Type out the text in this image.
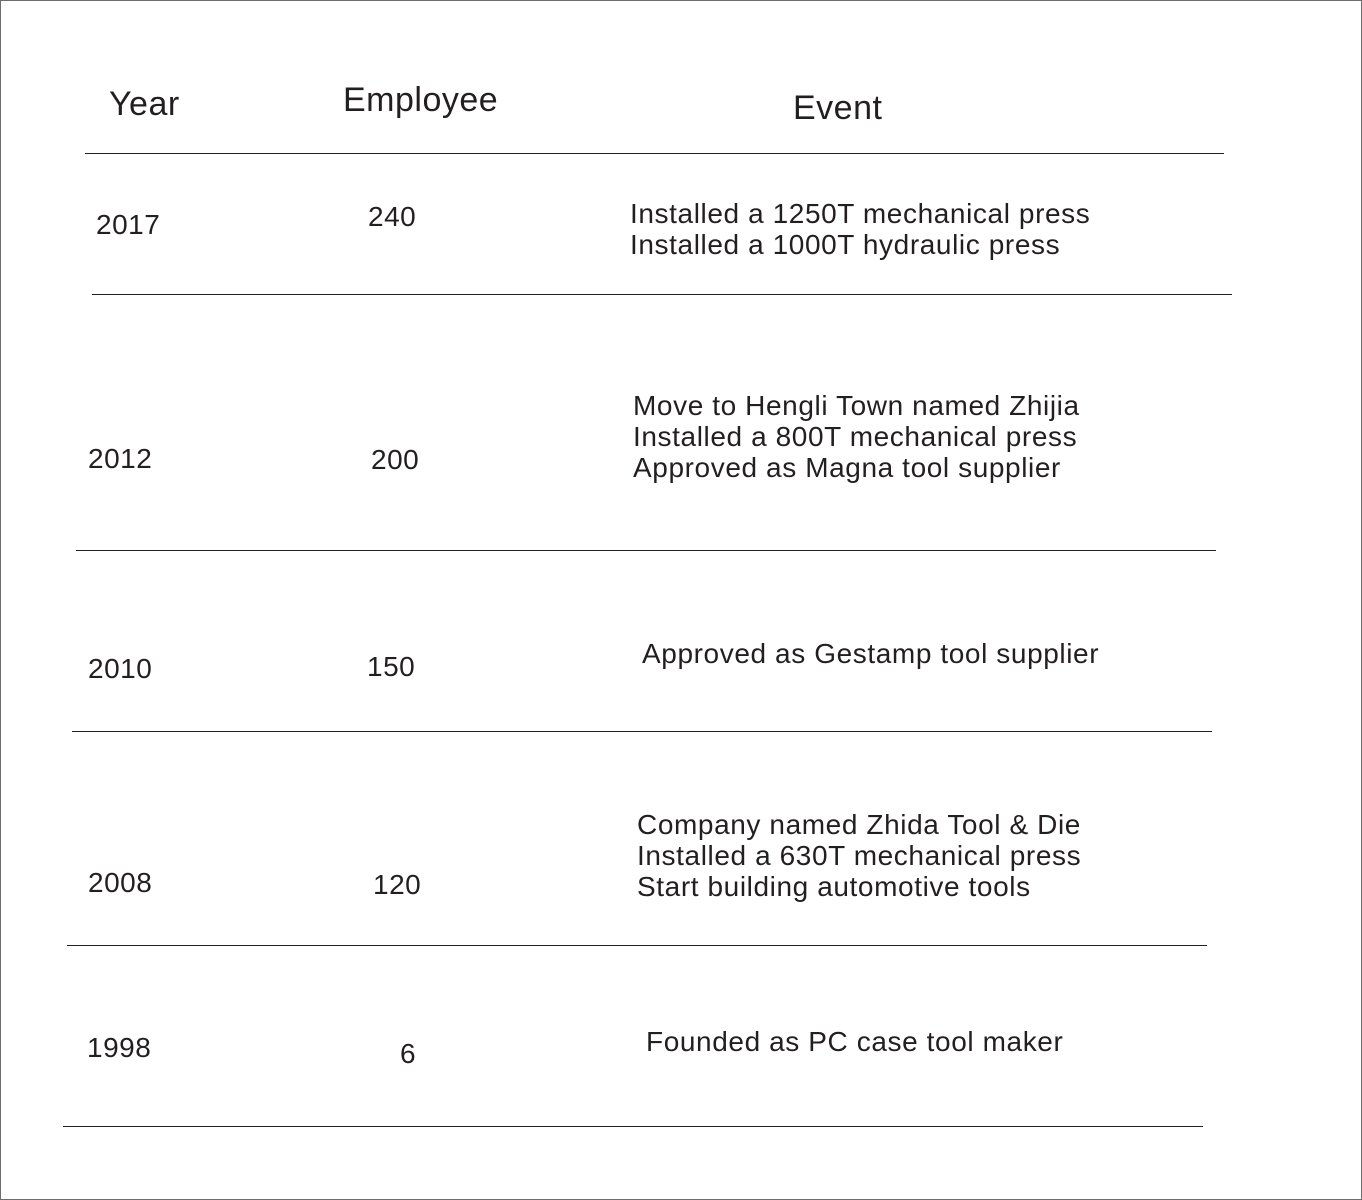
Year	Employee	Event
2017	240	Installed a 1250T mechanical press
Installed a 1000T hydraulic press
2012	200
Move to Hengli Town named Zhijia
Installed a 800T mechanical press
Approved as Magna tool supplier
2010	150	Approved as Gestamp tool supplier
2008	120
Company named Zhida Tool & Die
Installed a 630T mechanical press
Start building automotive tools
1998	6	Founded as PC case tool maker
